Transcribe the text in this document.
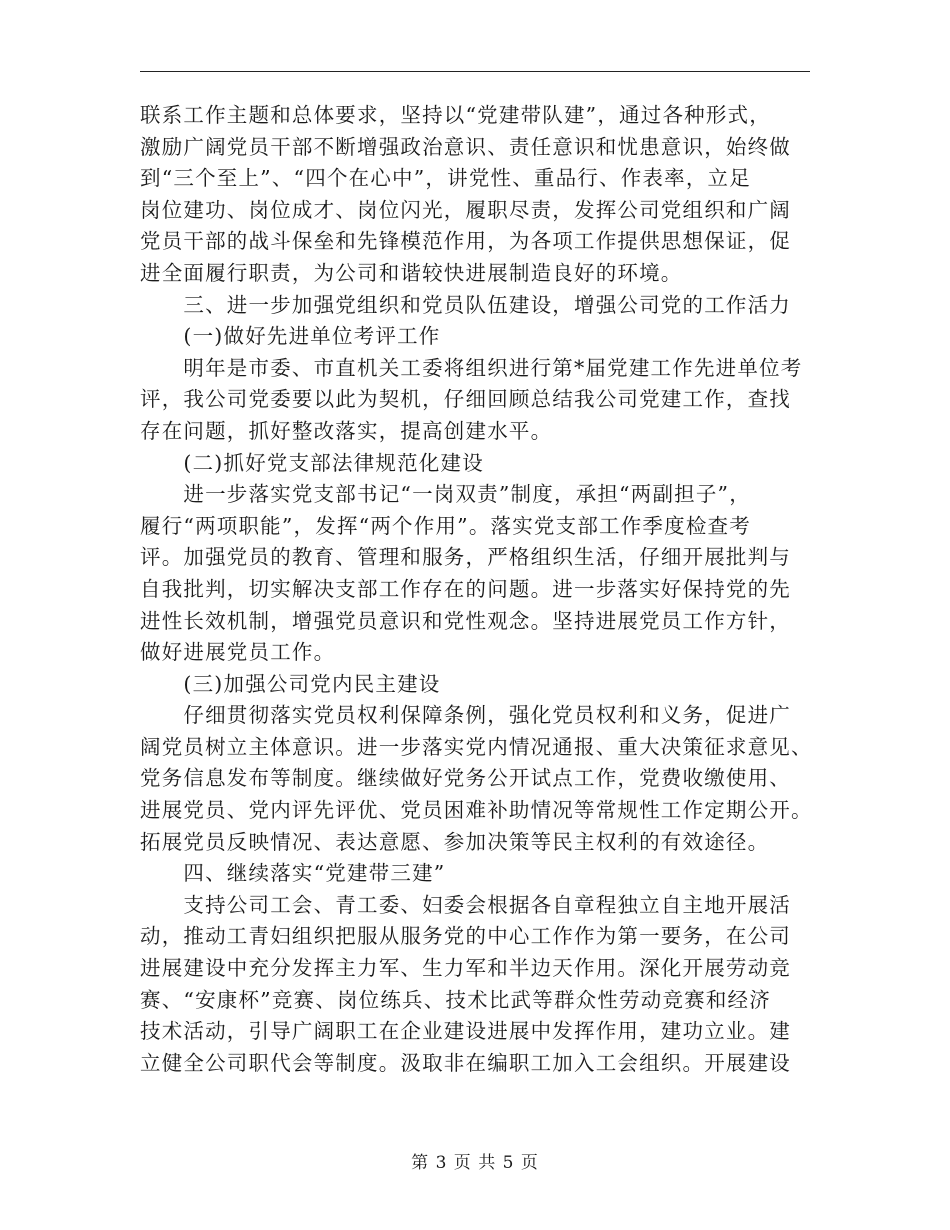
联系工作主题和总体要求，坚持以“党建带队建”，通过各种形式，
激励广阔党员干部不断增强政治意识、责任意识和忧患意识，始终做
到“三个至上”、“四个在心中”，讲党性、重品行、作表率，立足
岗位建功、岗位成才、岗位闪光，履职尽责，发挥公司党组织和广阔
党员干部的战斗保垒和先锋模范作用，为各项工作提供思想保证，促
进全面履行职责，为公司和谐较快进展制造良好的环境。
　　三、进一步加强党组织和党员队伍建设，增强公司党的工作活力
　　(一)做好先进单位考评工作
　　明年是市委、市直机关工委将组织进行第*届党建工作先进单位考
评，我公司党委要以此为契机，仔细回顾总结我公司党建工作，查找
存在问题，抓好整改落实，提高创建水平。
　　(二)抓好党支部法律规范化建设
　　进一步落实党支部书记“一岗双责”制度，承担“两副担子”，
履行“两项职能”，发挥“两个作用”。落实党支部工作季度检查考
评。加强党员的教育、管理和服务，严格组织生活，仔细开展批判与
自我批判，切实解决支部工作存在的问题。进一步落实好保持党的先
进性长效机制，增强党员意识和党性观念。坚持进展党员工作方针，
做好进展党员工作。
　　(三)加强公司党内民主建设
　　仔细贯彻落实党员权利保障条例，强化党员权利和义务，促进广
阔党员树立主体意识。进一步落实党内情况通报、重大决策征求意见、
党务信息发布等制度。继续做好党务公开试点工作，党费收缴使用、
进展党员、党内评先评优、党员困难补助情况等常规性工作定期公开。
拓展党员反映情况、表达意愿、参加决策等民主权利的有效途径。
　　四、继续落实“党建带三建”
　　支持公司工会、青工委、妇委会根据各自章程独立自主地开展活
动，推动工青妇组织把服从服务党的中心工作作为第一要务，在公司
进展建设中充分发挥主力军、生力军和半边天作用。深化开展劳动竞
赛、“安康杯”竞赛、岗位练兵、技术比武等群众性劳动竞赛和经济
技术活动，引导广阔职工在企业建设进展中发挥作用，建功立业。建
立健全公司职代会等制度。汲取非在编职工加入工会组织。开展建设
第 3 页 共 5 页
